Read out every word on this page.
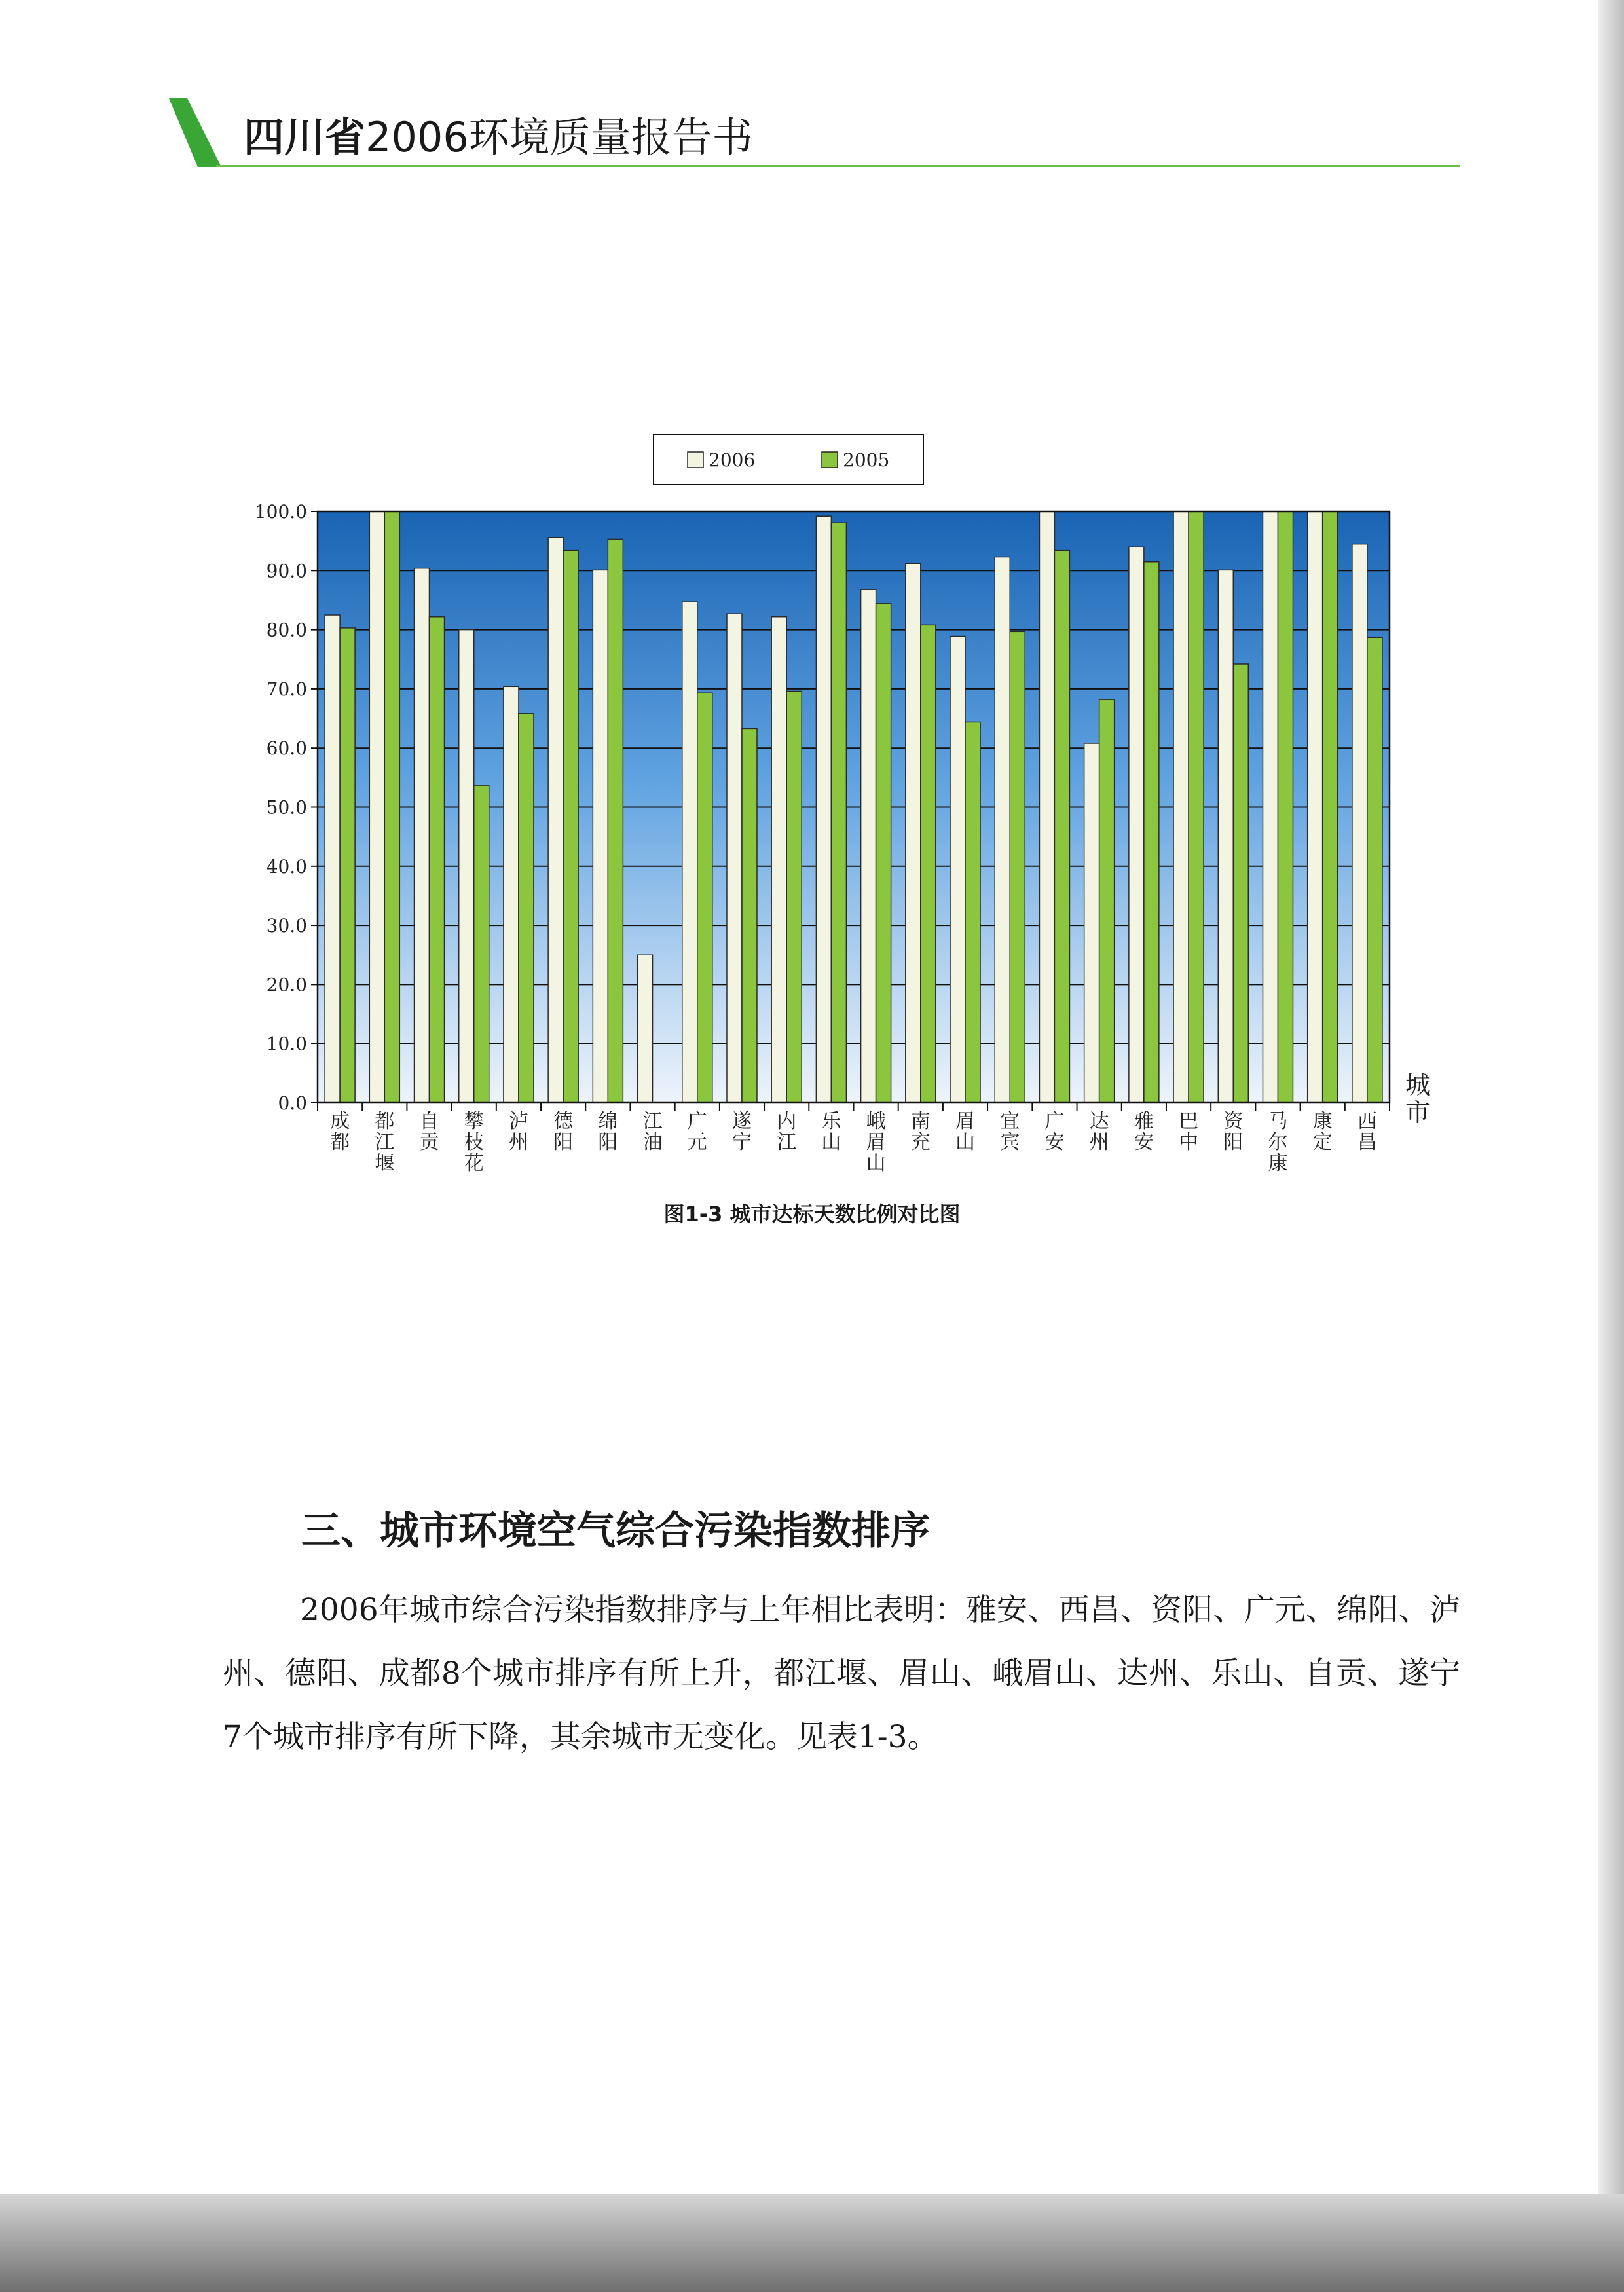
四川省2006环境质量报告书
0.0
10.0
20.0
30.0
40.0
50.0
60.0
70.0
80.0
90.0
100.0
成
都
都
江
堰
自
贡
攀
枝
花
泸
州
德
阳
绵
阳
江
油
广
元
遂
宁
内
江
乐
山
峨
眉
山
南
充
眉
山
宜
宾
广
安
达
州
雅
安
巴
中
资
阳
马
尔
康
康
定
西
昌
城
市
2006	2005
图1-3 城市达标天数比例对比图
三、城市环境空气综合污染指数排序
2006年城市综合污染指数排序与上年相比表明：雅安、西昌、资阳、广元、绵阳、泸州、德阳、成都8个城市排序有所上升，都江堰、眉山、峨眉山、达州、乐山、自贡、遂宁7个城市排序有所下降，其余城市无变化。见表1-3。
